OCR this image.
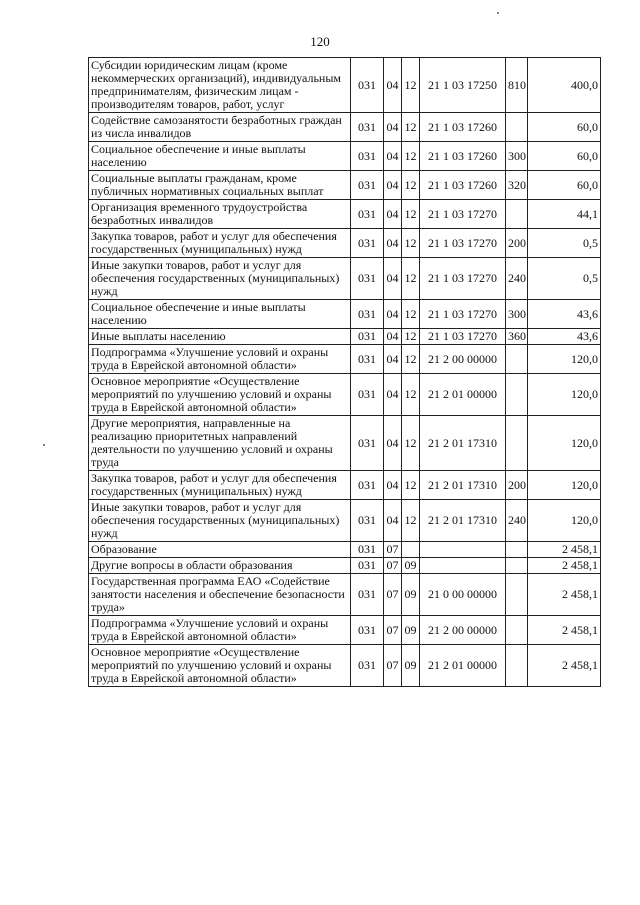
120
Субсидии юридическим лицам (кроме некоммерческих организаций), индивидуальным предпринимателям, физическим лицам - производителям товаров, работ, услуг	031	04	12	21 1 03 17250	810	400,0
Содействие самозанятости безработных граждан из числа инвалидов	031	04	12	21 1 03 17260		60,0
Социальное обеспечение и иные выплаты населению	031	04	12	21 1 03 17260	300	60,0
Социальные выплаты гражданам, кроме публичных нормативных социальных выплат	031	04	12	21 1 03 17260	320	60,0
Организация временного трудоустройства безработных инвалидов	031	04	12	21 1 03 17270		44,1
Закупка товаров, работ и услуг для обеспечения государственных (муниципальных) нужд	031	04	12	21 1 03 17270	200	0,5
Иные закупки товаров, работ и услуг для обеспечения государственных (муниципальных) нужд	031	04	12	21 1 03 17270	240	0,5
Социальное обеспечение и иные выплаты населению	031	04	12	21 1 03 17270	300	43,6
Иные выплаты населению	031	04	12	21 1 03 17270	360	43,6
Подпрограмма «Улучшение условий и охраны труда в Еврейской автономной области»	031	04	12	21 2 00 00000		120,0
Основное мероприятие «Осуществление мероприятий по улучшению условий и охраны труда в Еврейской автономной области»	031	04	12	21 2 01 00000		120,0
Другие мероприятия, направленные на реализацию приоритетных направлений деятельности по улучшению условий и охраны труда	031	04	12	21 2 01 17310		120,0
Закупка товаров, работ и услуг для обеспечения государственных (муниципальных) нужд	031	04	12	21 2 01 17310	200	120,0
Иные закупки товаров, работ и услуг для обеспечения государственных (муниципальных) нужд	031	04	12	21 2 01 17310	240	120,0
Образование	031	07				2 458,1
Другие вопросы в области образования	031	07	09			2 458,1
Государственная программа ЕАО «Содействие занятости населения и обеспечение безопасности труда»	031	07	09	21 0 00 00000		2 458,1
Подпрограмма «Улучшение условий и охраны труда в Еврейской автономной области»	031	07	09	21 2 00 00000		2 458,1
Основное мероприятие «Осуществление мероприятий по улучшению условий и охраны труда в Еврейской автономной области»	031	07	09	21 2 01 00000		2 458,1
